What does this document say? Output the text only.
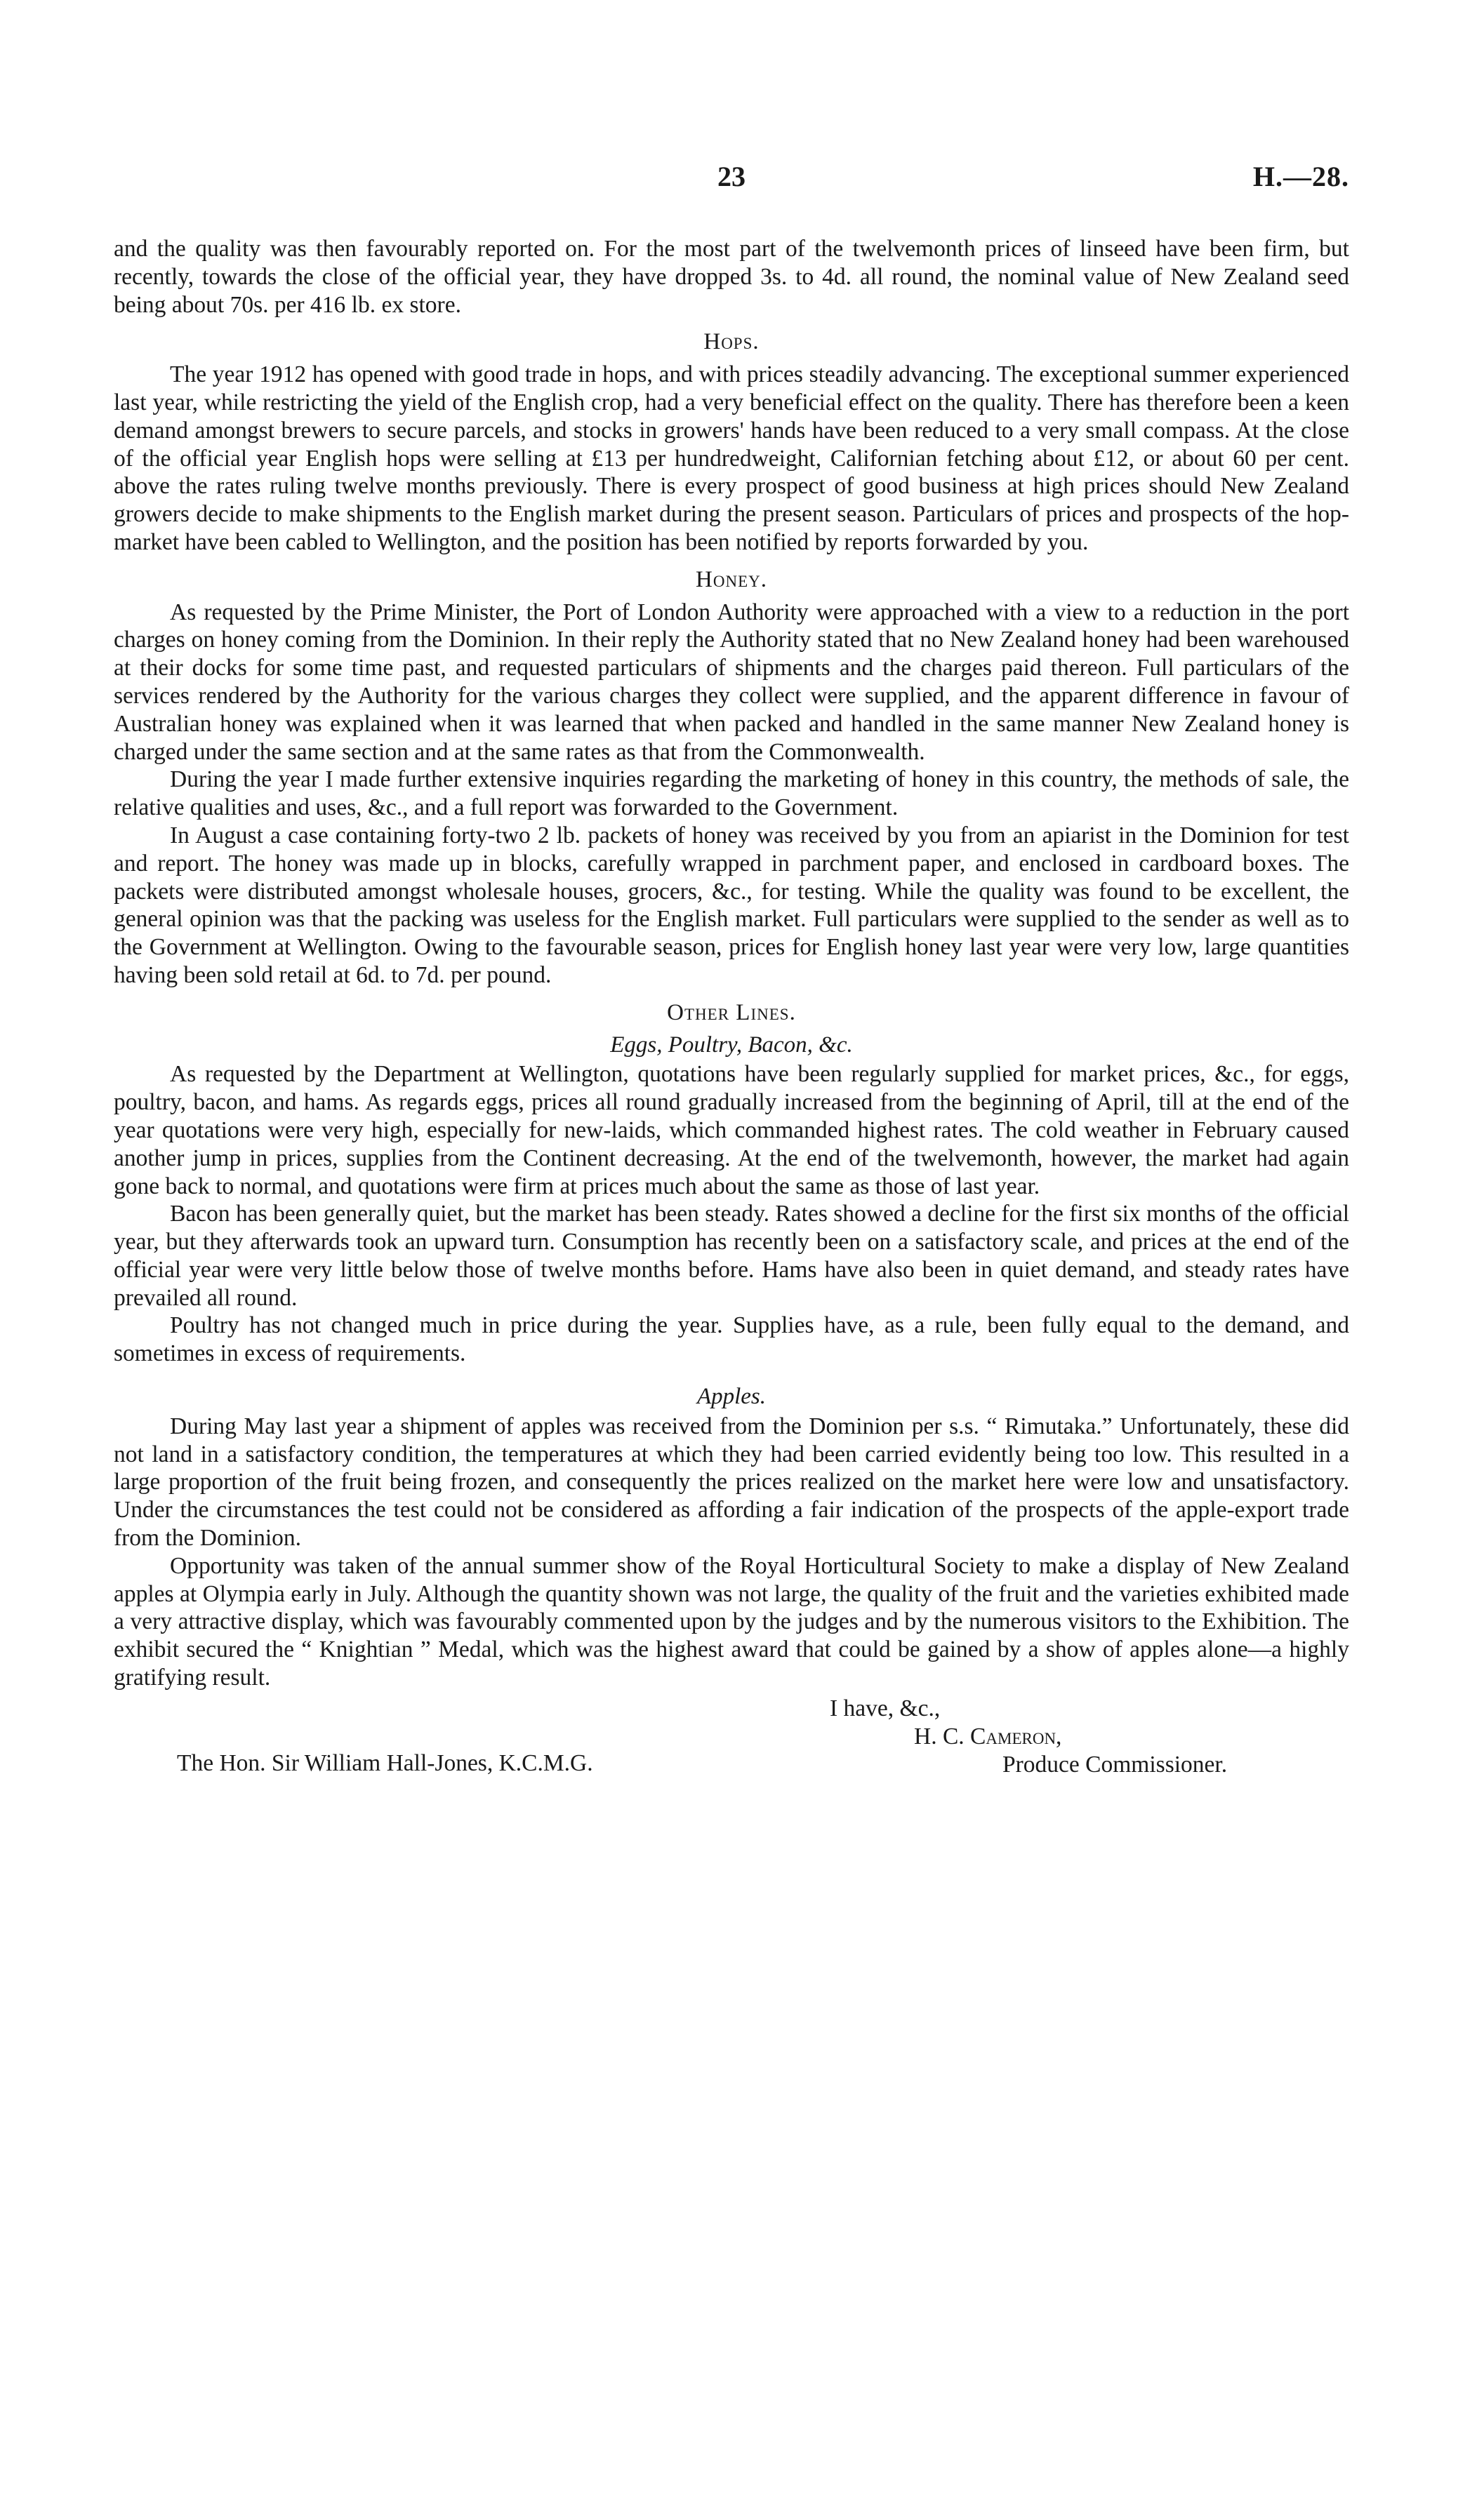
23	H.—28.

and the quality was then favourably reported on. For the most part of the twelvemonth prices of linseed have been firm, but recently, towards the close of the official year, they have dropped 3s. to 4d. all round, the nominal value of New Zealand seed being about 70s. per 416 lb. ex store.

Hops.

The year 1912 has opened with good trade in hops, and with prices steadily advancing. The exceptional summer experienced last year, while restricting the yield of the English crop, had a very beneficial effect on the quality. There has therefore been a keen demand amongst brewers to secure parcels, and stocks in growers' hands have been reduced to a very small compass. At the close of the official year English hops were selling at £13 per hundredweight, Californian fetching about £12, or about 60 per cent. above the rates ruling twelve months previously. There is every prospect of good business at high prices should New Zealand growers decide to make shipments to the English market during the present season. Particulars of prices and prospects of the hop-market have been cabled to Wellington, and the position has been notified by reports forwarded by you.

Honey.

As requested by the Prime Minister, the Port of London Authority were approached with a view to a reduction in the port charges on honey coming from the Dominion. In their reply the Authority stated that no New Zealand honey had been warehoused at their docks for some time past, and requested particulars of shipments and the charges paid thereon. Full particulars of the services rendered by the Authority for the various charges they collect were supplied, and the apparent difference in favour of Australian honey was explained when it was learned that when packed and handled in the same manner New Zealand honey is charged under the same section and at the same rates as that from the Commonwealth.

During the year I made further extensive inquiries regarding the marketing of honey in this country, the methods of sale, the relative qualities and uses, &c., and a full report was forwarded to the Government.

In August a case containing forty-two 2 lb. packets of honey was received by you from an apiarist in the Dominion for test and report. The honey was made up in blocks, carefully wrapped in parchment paper, and enclosed in cardboard boxes. The packets were distributed amongst wholesale houses, grocers, &c., for testing. While the quality was found to be excellent, the general opinion was that the packing was useless for the English market. Full particulars were supplied to the sender as well as to the Government at Wellington. Owing to the favourable season, prices for English honey last year were very low, large quantities having been sold retail at 6d. to 7d. per pound.

Other Lines.
Eggs, Poultry, Bacon, &c.

As requested by the Department at Wellington, quotations have been regularly supplied for market prices, &c., for eggs, poultry, bacon, and hams. As regards eggs, prices all round gradually increased from the beginning of April, till at the end of the year quotations were very high, especially for new-laids, which commanded highest rates. The cold weather in February caused another jump in prices, supplies from the Continent decreasing. At the end of the twelvemonth, however, the market had again gone back to normal, and quotations were firm at prices much about the same as those of last year.

Bacon has been generally quiet, but the market has been steady. Rates showed a decline for the first six months of the official year, but they afterwards took an upward turn. Consumption has recently been on a satisfactory scale, and prices at the end of the official year were very little below those of twelve months before. Hams have also been in quiet demand, and steady rates have prevailed all round.

Poultry has not changed much in price during the year. Supplies have, as a rule, been fully equal to the demand, and sometimes in excess of requirements.

Apples.

During May last year a shipment of apples was received from the Dominion per s.s. “ Rimutaka.” Unfortunately, these did not land in a satisfactory condition, the temperatures at which they had been carried evidently being too low. This resulted in a large proportion of the fruit being frozen, and consequently the prices realized on the market here were low and unsatisfactory. Under the circumstances the test could not be considered as affording a fair indication of the prospects of the apple-export trade from the Dominion.

Opportunity was taken of the annual summer show of the Royal Horticultural Society to make a display of New Zealand apples at Olympia early in July. Although the quantity shown was not large, the quality of the fruit and the varieties exhibited made a very attractive display, which was favourably commented upon by the judges and by the numerous visitors to the Exhibition. The exhibit secured the “ Knightian ” Medal, which was the highest award that could be gained by a show of apples alone—a highly gratifying result.

I have, &c.,
H. C. Cameron,
The Hon. Sir William Hall-Jones, K.C.M.G.	Produce Commissioner.
